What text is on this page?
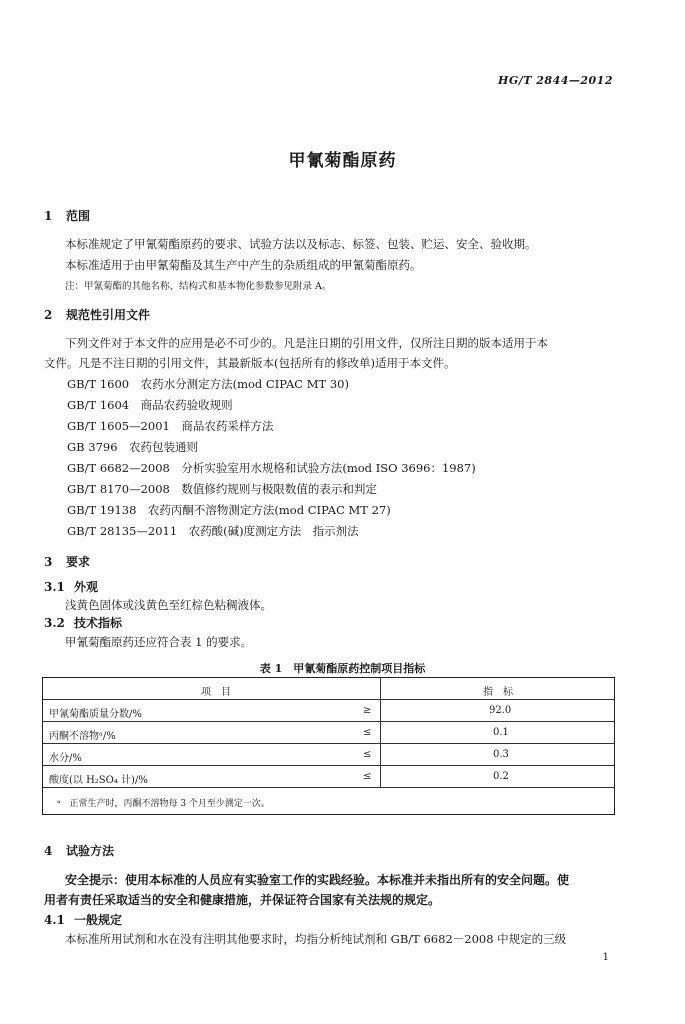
HG/T 2844—2012
甲氰菊酯原药
1 范围
本标准规定了甲氰菊酯原药的要求、试验方法以及标志、标签、包装、贮运、安全、验收期。
本标准适用于由甲氰菊酯及其生产中产生的杂质组成的甲氰菊酯原药。
注：甲氰菊酯的其他名称、结构式和基本物化参数参见附录 A。
2 规范性引用文件
下列文件对于本文件的应用是必不可少的。凡是注日期的引用文件，仅所注日期的版本适用于本
文件。凡是不注日期的引用文件，其最新版本(包括所有的修改单)适用于本文件。
GB/T 1600　农药水分测定方法(mod CIPAC MT 30)
GB/T 1604　商品农药验收规则
GB/T 1605—2001　商品农药采样方法
GB 3796　农药包装通则
GB/T 6682—2008　分析实验室用水规格和试验方法(mod ISO 3696：1987)
GB/T 8170—2008　数值修约规则与极限数值的表示和判定
GB/T 19138　农药丙酮不溶物测定方法(mod CIPAC MT 27)
GB/T 28135—2011　农药酸(碱)度测定方法　指示剂法
3 要求
3.1 外观
浅黄色固体或浅黄色至红棕色粘稠液体。
3.2 技术指标
甲氰菊酯原药还应符合表 1 的要求。
表 1　甲氰菊酯原药控制项目指标
项　目	指　标
甲氰菊酯质量分数/%	≥	92.0
丙酮不溶物ᵃ/%	≤	0.1
水分/%	≤	0.3
酸度(以 H₂SO₄ 计)/%	≤	0.2
ᵃ　正常生产时，丙酮不溶物每 3 个月至少测定一次。
4 试验方法
安全提示：使用本标准的人员应有实验室工作的实践经验。本标准并未指出所有的安全问题。使
用者有责任采取适当的安全和健康措施，并保证符合国家有关法规的规定。
4.1 一般规定
本标准所用试剂和水在没有注明其他要求时，均指分析纯试剂和 GB/T 6682－2008 中规定的三级
1
